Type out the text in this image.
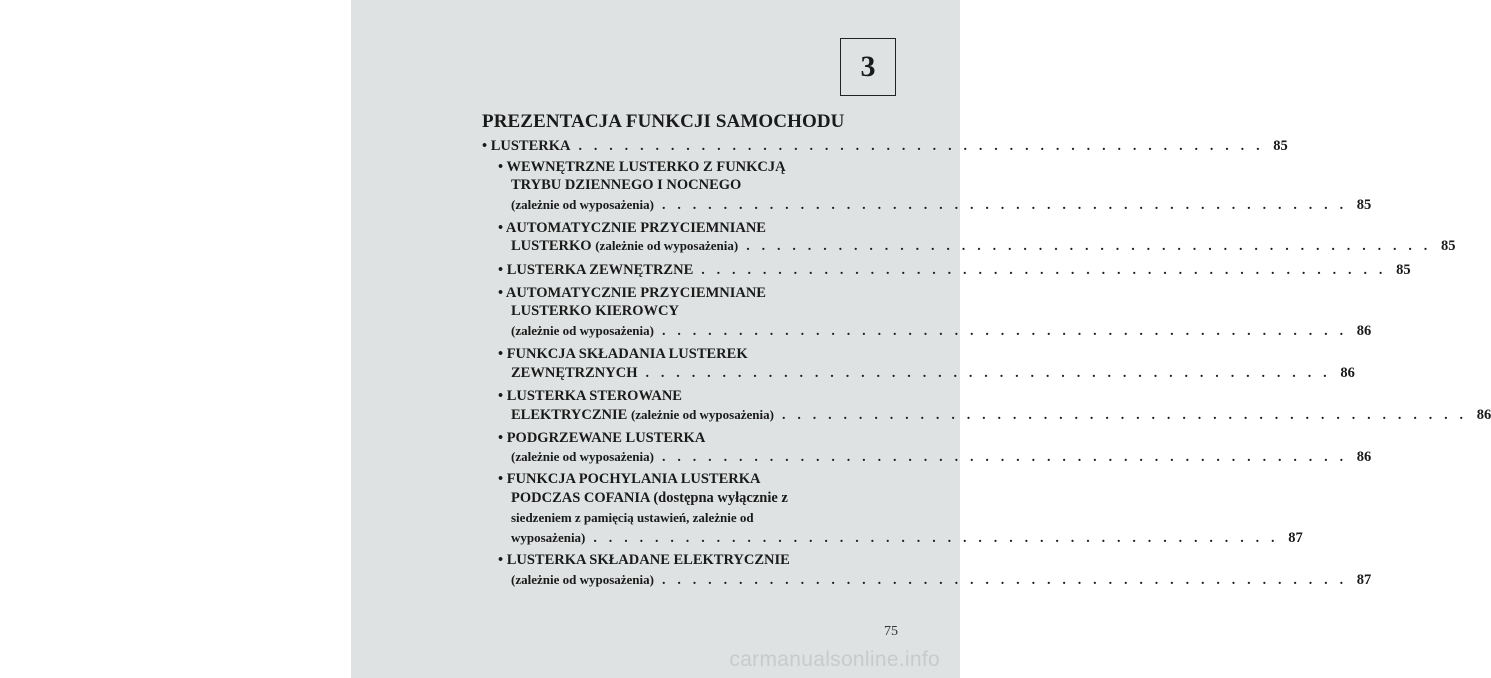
3
PREZENTACJA FUNKCJI SAMOCHODU
• LUSTERKA . . . . . . . . . . . . . . . . . . . . . . . . . . . . . . . . . . . . . . . . . . . . . 85
• WEWNĘTRZNE LUSTERKO Z FUNKCJĄ
TRYBU DZIENNEGO I NOCNEGO
(zależnie od wyposażenia) . . . . . . . . . . . . . . . . . . . . . . . . . . . . . . . . . . . . . . . . . . . . . 85
• AUTOMATYCZNIE PRZYCIEMNIANE
LUSTERKO (zależnie od wyposażenia) . . . . . . . . . . . . . . . . . . . . . . . . . . . . . . . . . . . . . . . . . . . . . 85
• LUSTERKA ZEWNĘTRZNE . . . . . . . . . . . . . . . . . . . . . . . . . . . . . . . . . . . . . . . . . . . . . 85
• AUTOMATYCZNIE PRZYCIEMNIANE
LUSTERKO KIEROWCY
(zależnie od wyposażenia) . . . . . . . . . . . . . . . . . . . . . . . . . . . . . . . . . . . . . . . . . . . . . 86
• FUNKCJA SKŁADANIA LUSTEREK
ZEWNĘTRZNYCH . . . . . . . . . . . . . . . . . . . . . . . . . . . . . . . . . . . . . . . . . . . . . 86
• LUSTERKA STEROWANE
ELEKTRYCZNIE (zależnie od wyposażenia) . . . . . . . . . . . . . . . . . . . . . . . . . . . . . . . . . . . . . . . . . . . . . 86
• PODGRZEWANE LUSTERKA
(zależnie od wyposażenia) . . . . . . . . . . . . . . . . . . . . . . . . . . . . . . . . . . . . . . . . . . . . . 86
• FUNKCJA POCHYLANIA LUSTERKA
PODCZAS COFANIA (dostępna wyłącznie z
siedzeniem z pamięcią ustawień, zależnie od
wyposażenia) . . . . . . . . . . . . . . . . . . . . . . . . . . . . . . . . . . . . . . . . . . . . . 87
• LUSTERKA SKŁADANE ELEKTRYCZNIE
(zależnie od wyposażenia) . . . . . . . . . . . . . . . . . . . . . . . . . . . . . . . . . . . . . . . . . . . . . 87
75
carmanualsonline.info
